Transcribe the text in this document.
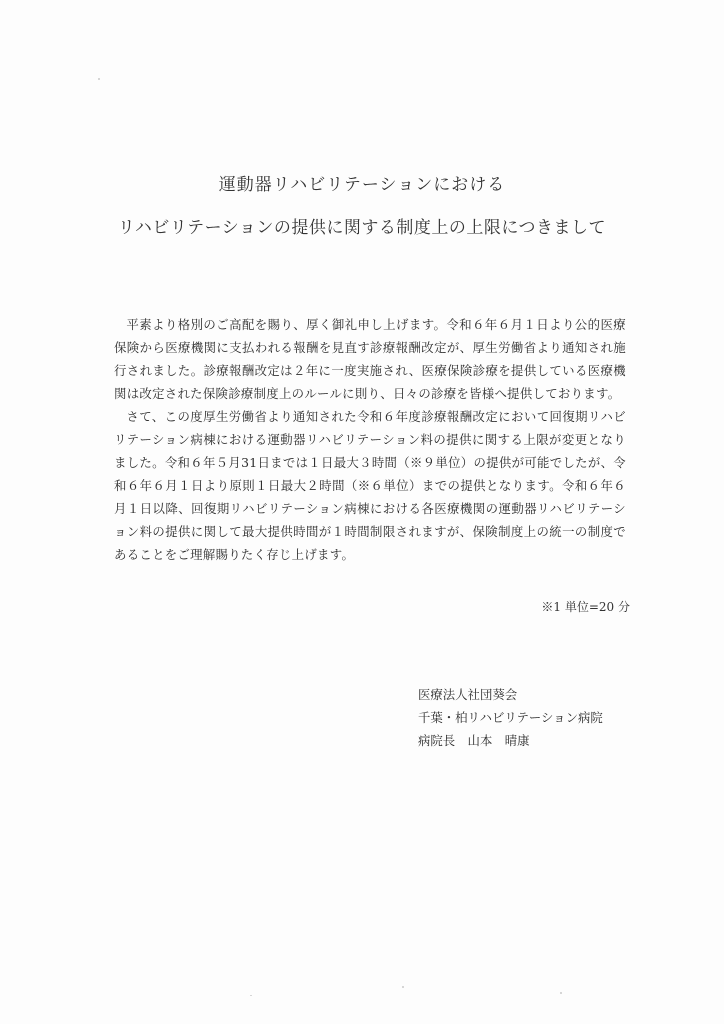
運動器リハビリテーションにおける
リハビリテーションの提供に関する制度上の上限につきまして

平素より格別のご高配を賜り、厚く御礼申し上げます。令和６年６月１日より公的医療保険から医療機関に支払われる報酬を見直す診療報酬改定が、厚生労働省より通知され施行されました。診療報酬改定は２年に一度実施され、医療保険診療を提供している医療機関は改定された保険診療制度上のルールに則り、日々の診療を皆様へ提供しております。

さて、この度厚生労働省より通知された令和６年度診療報酬改定において回復期リハビリテーション病棟における運動器リハビリテーション料の提供に関する上限が変更となりました。令和６年５月31日までは１日最大３時間（※９単位）の提供が可能でしたが、令和６年６月１日より原則１日最大２時間（※６単位）までの提供となります。令和６年６月１日以降、回復期リハビリテーション病棟における各医療機関の運動器リハビリテーション料の提供に関して最大提供時間が１時間制限されますが、保険制度上の統一の制度であることをご理解賜りたく存じ上げます。

※1 単位=20 分
医療法人社団葵会
千葉・柏リハビリテーション病院
病院長　山本　晴康
